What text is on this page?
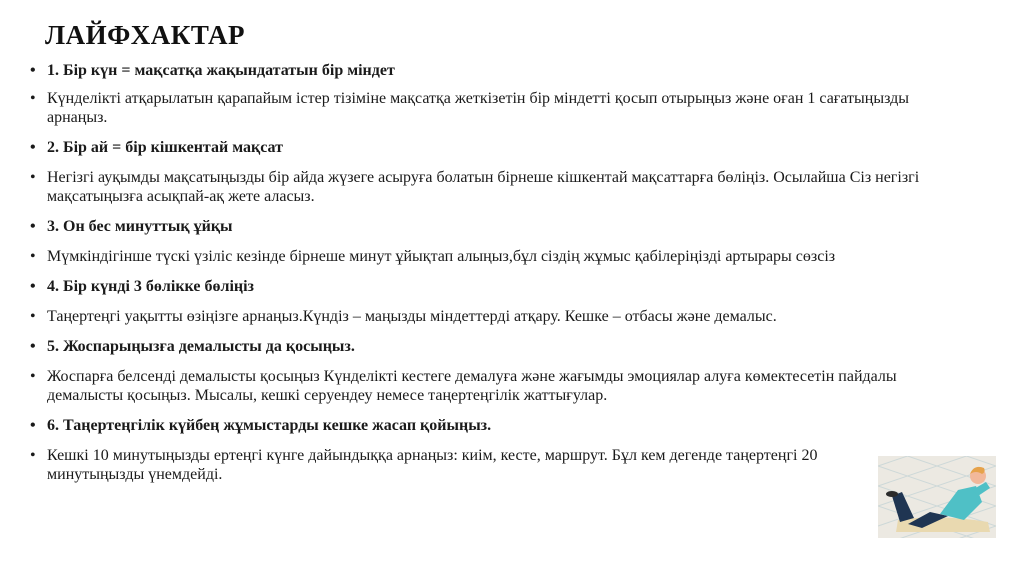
ЛАЙФХАКТАР
• 1. Бір күн = мақсатқа жақындататын бір міндет
• Күнделікті атқарылатын қарапайым істер тізіміне мақсатқа жеткізетін бір міндетті қосып отырыңыз және оған 1 сағатыңызды арнаңыз.
• 2. Бір ай = бір кішкентай мақсат
• Негізгі ауқымды мақсатыңызды бір айда жүзеге асыруға болатын бірнеше кішкентай мақсаттарға бөліңіз. Осылайша Сіз негізгі мақсатыңызға асықпай-ақ жете аласыз.
• 3. Он бес минуттық ұйқы
• Мүмкіндігінше түскі үзіліс кезінде бірнеше минут ұйықтап алыңыз,бұл сіздің жұмыс қабілеріңізді артырары сөзсіз
• 4. Бір күнді 3 бөлікке бөліңіз
• Таңертеңгі уақытты өзіңізге арнаңыз.Күндіз – маңызды міндеттерді атқару. Кешке – отбасы және демалыс.
• 5. Жоспарыңызға демалысты да қосыңыз.
• Жоспарға белсенді демалысты қосыңыз Күнделікті кестеге демалуға және жағымды эмоциялар алуға көмектесетін пайдалы демалысты қосыңыз. Мысалы, кешкі серуендеу немесе таңертеңгілік жаттығулар.
• 6. Таңертеңгілік күйбең жұмыстарды кешке жасап қойыңыз.
• Кешкі 10 минутыңызды ертеңгі күнге дайындыққа арнаңыз: киім, кесте, маршрут. Бұл кем дегенде таңертеңгі 20 минутыңызды үнемдейді.
